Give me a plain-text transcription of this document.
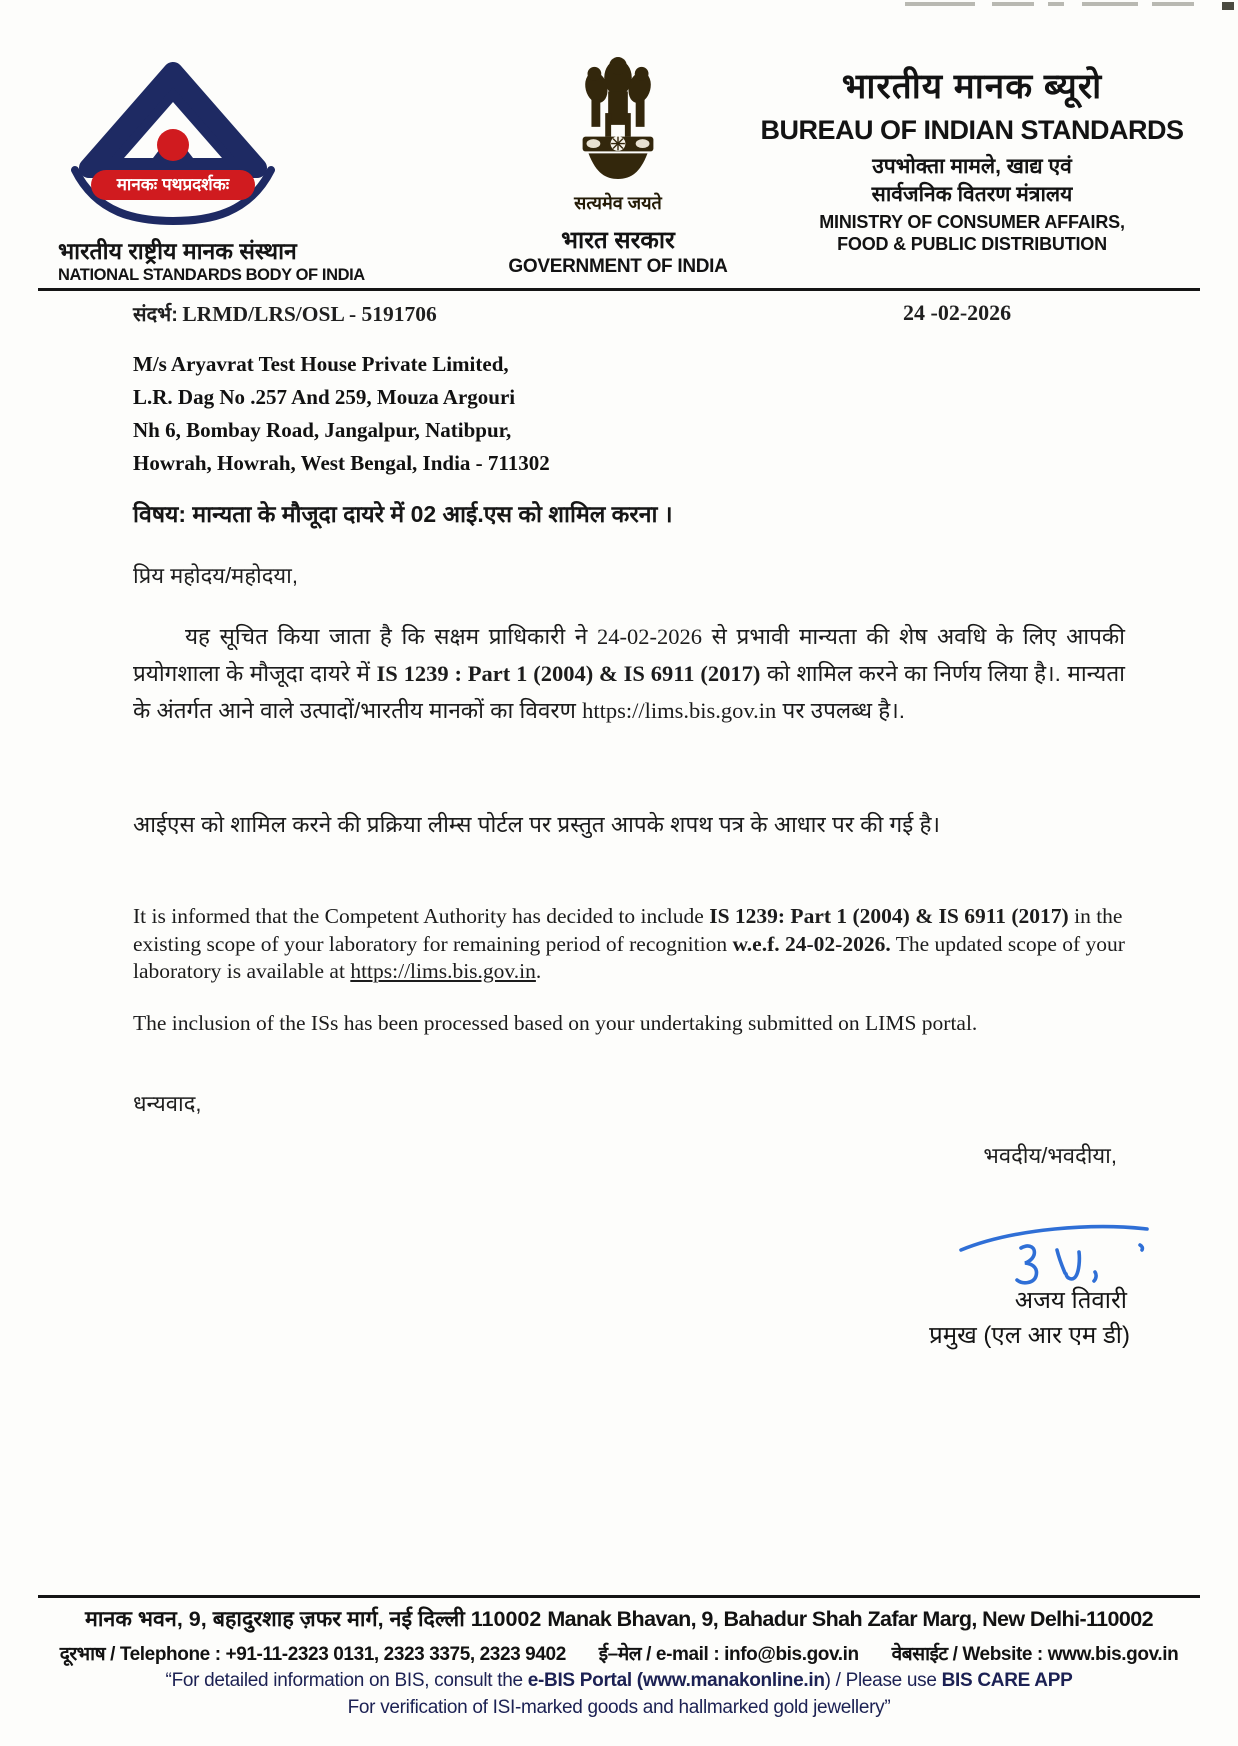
मानकः पथप्रदर्शकः
भारतीय राष्ट्रीय मानक संस्थान
NATIONAL STANDARDS BODY OF INDIA
सत्यमेव जयते
भारत सरकार
GOVERNMENT OF INDIA
भारतीय मानक ब्यूरो
BUREAU OF INDIAN STANDARDS
उपभोक्ता मामले, खाद्य एवं
सार्वजनिक वितरण मंत्रालय
MINISTRY OF CONSUMER AFFAIRS,
FOOD & PUBLIC DISTRIBUTION
संदर्भ: LRMD/LRS/OSL - 5191706	24 -02-2026
M/s Aryavrat Test House Private Limited,
L.R. Dag No .257 And 259, Mouza Argouri
Nh 6, Bombay Road, Jangalpur, Natibpur,
Howrah, Howrah, West Bengal, India - 711302
विषय: मान्यता के मौजूदा दायरे में 02 आई.एस को शामिल करना ।
प्रिय महोदय/महोदया,
यह सूचित किया जाता है कि सक्षम प्राधिकारी ने 24-02-2026 से प्रभावी मान्यता की शेष अवधि के लिए आपकी प्रयोगशाला के मौजूदा दायरे में IS 1239 : Part 1 (2004) & IS 6911 (2017) को शामिल करने का निर्णय लिया है।. मान्यता के अंतर्गत आने वाले उत्पादों/भारतीय मानकों का विवरण https://lims.bis.gov.in पर उपलब्ध है।.
आईएस को शामिल करने की प्रक्रिया लीम्स पोर्टल पर प्रस्तुत आपके शपथ पत्र के आधार पर की गई है।
It is informed that the Competent Authority has decided to include IS 1239: Part 1 (2004) & IS 6911 (2017) in the existing scope of your laboratory for remaining period of recognition w.e.f. 24-02-2026. The updated scope of your laboratory is available at https://lims.bis.gov.in.
The inclusion of the ISs has been processed based on your undertaking submitted on LIMS portal.
धन्यवाद,
भवदीय/भवदीया,
अजय तिवारी
प्रमुख (एल आर एम डी)
मानक भवन, 9, बहादुरशाह ज़फर मार्ग, नई दिल्ली 110002 Manak Bhavan, 9, Bahadur Shah Zafar Marg, New Delhi-110002
दूरभाष / Telephone : +91-11-2323 0131, 2323 3375, 2323 9402 ई–मेल / e-mail : info@bis.gov.in वेबसाईट / Website : www.bis.gov.in
“For detailed information on BIS, consult the e-BIS Portal (www.manakonline.in) / Please use BIS CARE APP
For verification of ISI-marked goods and hallmarked gold jewellery”
